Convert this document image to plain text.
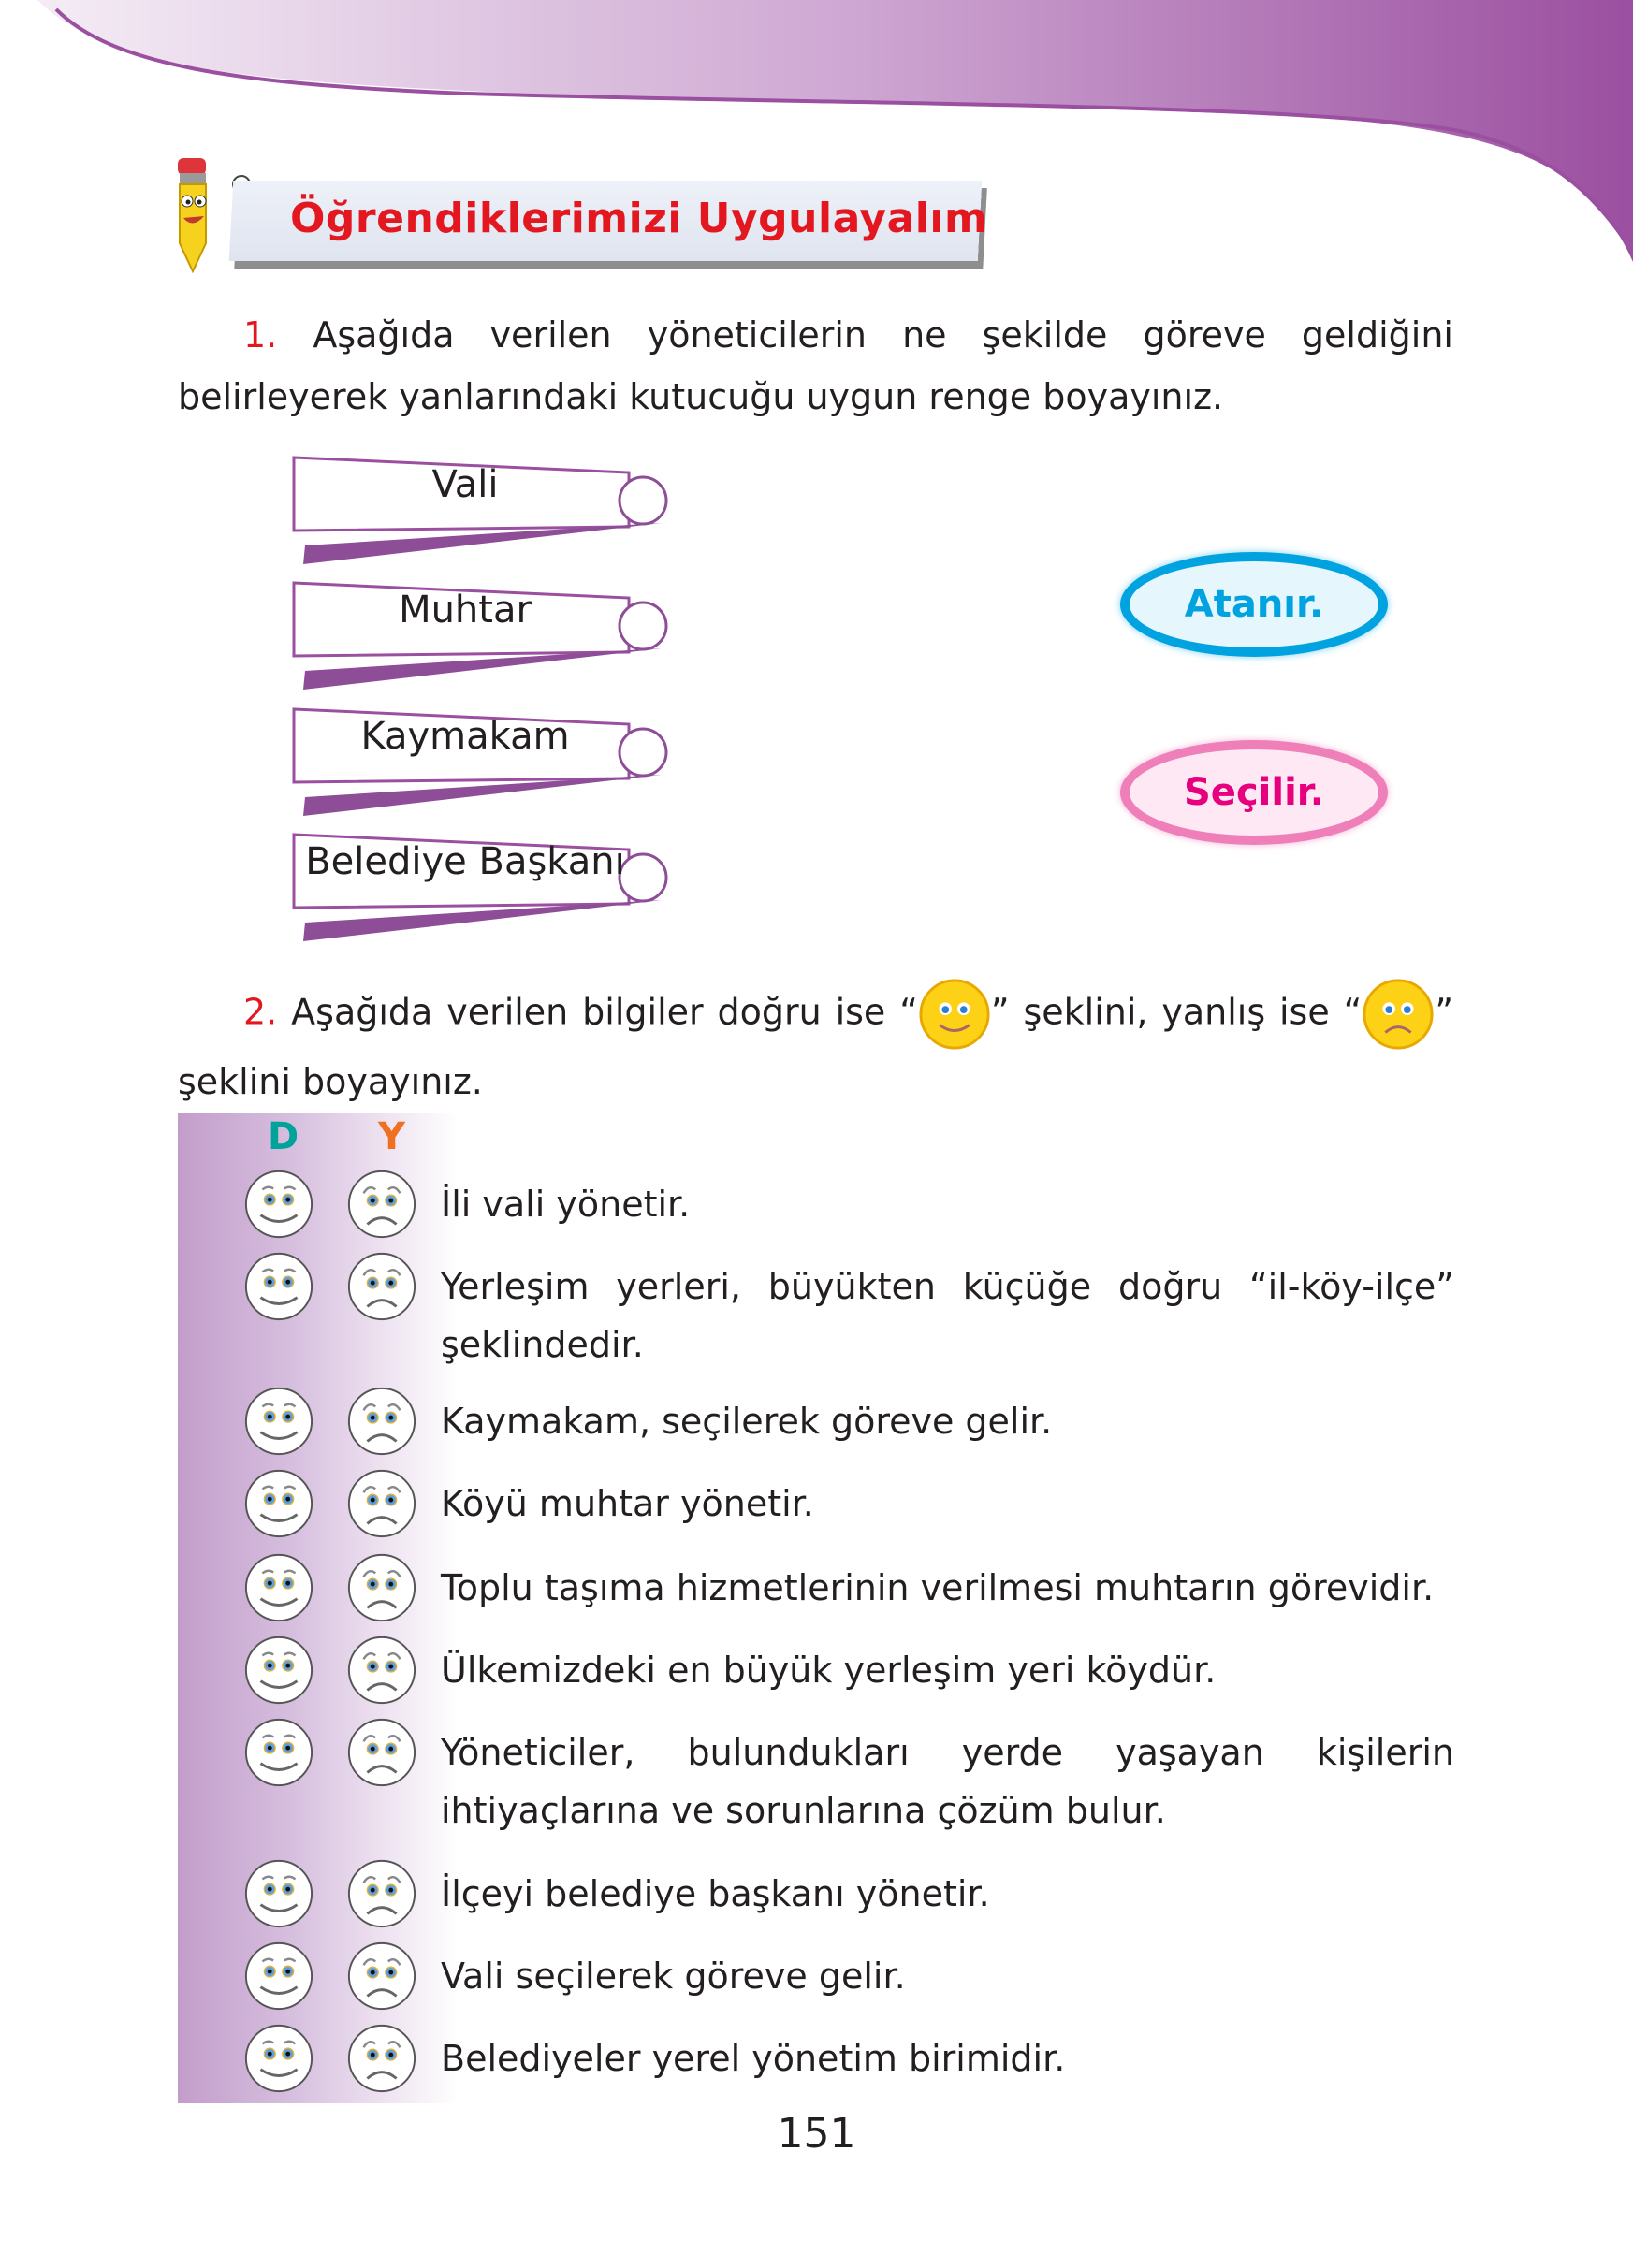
Öğrendiklerimizi Uygulayalım
1. Aşağıda verilen yöneticilerin ne şekilde göreve geldiğini belirleyerek yanlarındaki kutucuğu uygun renge boyayınız.
Vali
Muhtar
Kaymakam
Belediye Başkanı
Atanır.
Seçilir.
2. Aşağıda verilen bilgiler doğru ise “ ” şeklini, yanlış ise “ ” şeklini boyayınız.
D Y
İli vali yönetir.
Yerleşim yerleri, büyükten küçüğe doğru “il-köy-ilçe” şeklindedir.
Kaymakam, seçilerek göreve gelir.
Köyü muhtar yönetir.
Toplu taşıma hizmetlerinin verilmesi muhtarın görevidir.
Ülkemizdeki en büyük yerleşim yeri köydür.
Yöneticiler, bulundukları yerde yaşayan kişilerin ihtiyaçlarına ve sorunlarına çözüm bulur.
İlçeyi belediye başkanı yönetir.
Vali seçilerek göreve gelir.
Belediyeler yerel yönetim birimidir.
151
